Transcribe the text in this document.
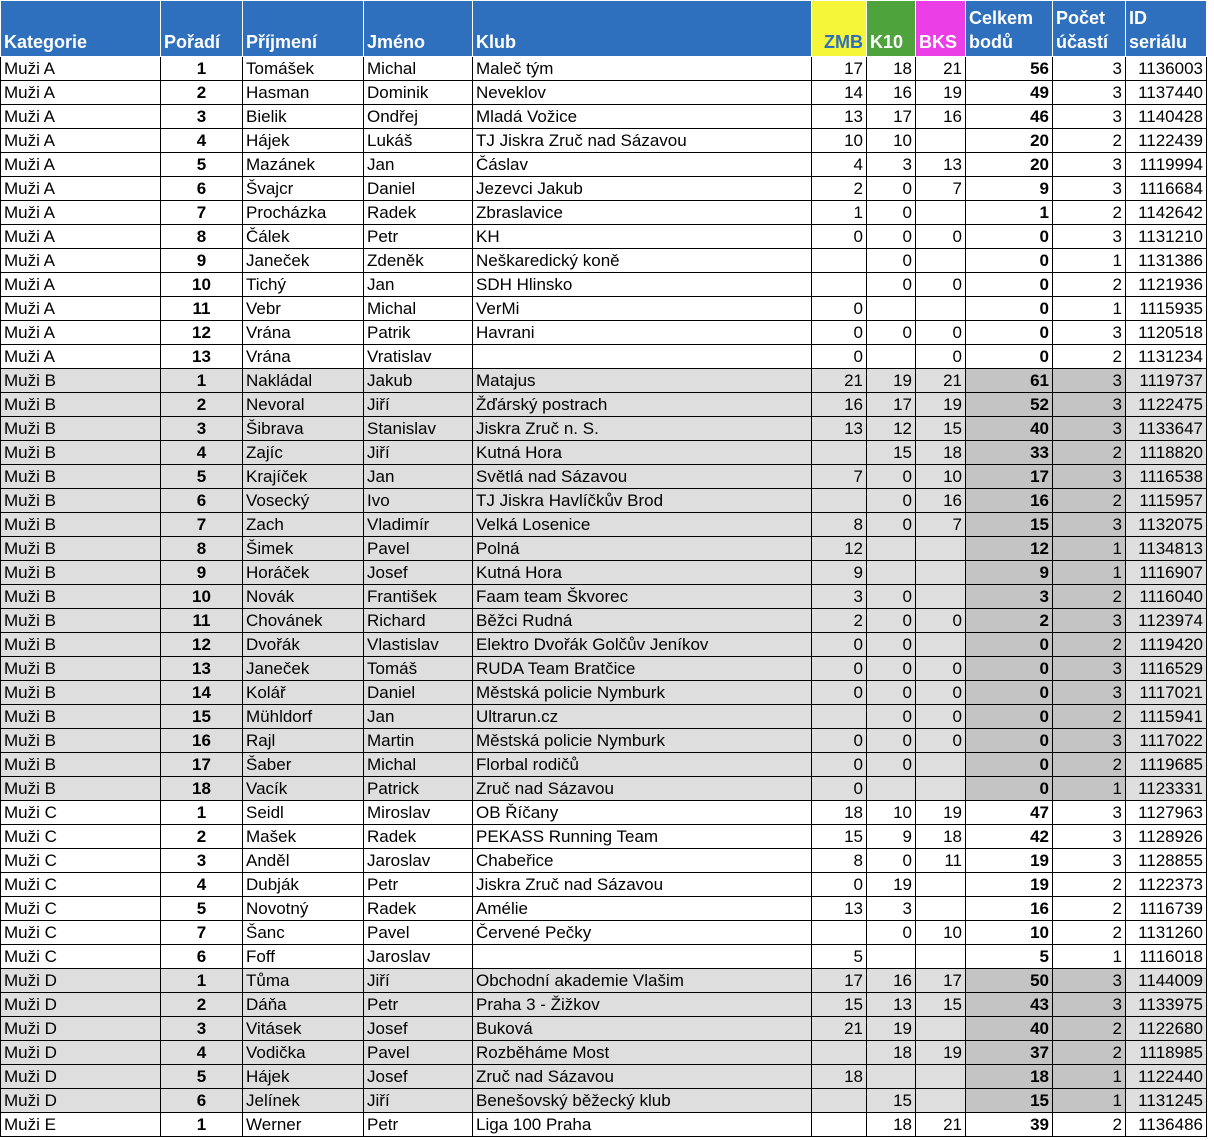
Kategorie	Pořadí	Příjmení	Jméno	Klub	ZMB	K10	BKS	Celkem bodů	Počet účastí	ID seriálu
Muži A	1	Tomášek	Michal	Maleč tým	17	18	21	56	3	1136003
Muži A	2	Hasman	Dominik	Neveklov	14	16	19	49	3	1137440
Muži A	3	Bielik	Ondřej	Mladá Vožice	13	17	16	46	3	1140428
Muži A	4	Hájek	Lukáš	TJ Jiskra Zruč nad Sázavou	10	10		20	2	1122439
Muži A	5	Mazánek	Jan	Čáslav	4	3	13	20	3	1119994
Muži A	6	Švajcr	Daniel	Jezevci Jakub	2	0	7	9	3	1116684
Muži A	7	Procházka	Radek	Zbraslavice	1	0		1	2	1142642
Muži A	8	Čálek	Petr	KH	0	0	0	0	3	1131210
Muži A	9	Janeček	Zdeněk	Neškaredický koně		0		0	1	1131386
Muži A	10	Tichý	Jan	SDH Hlinsko		0	0	0	2	1121936
Muži A	11	Vebr	Michal	VerMi	0			0	1	1115935
Muži A	12	Vrána	Patrik	Havrani	0	0	0	0	3	1120518
Muži A	13	Vrána	Vratislav		0		0	0	2	1131234
Muži B	1	Nakládal	Jakub	Matajus	21	19	21	61	3	1119737
Muži B	2	Nevoral	Jiří	Žďárský postrach	16	17	19	52	3	1122475
Muži B	3	Šibrava	Stanislav	Jiskra Zruč n. S.	13	12	15	40	3	1133647
Muži B	4	Zajíc	Jiří	Kutná Hora		15	18	33	2	1118820
Muži B	5	Krajíček	Jan	Světlá nad Sázavou	7	0	10	17	3	1116538
Muži B	6	Vosecký	Ivo	TJ Jiskra Havlíčkův Brod		0	16	16	2	1115957
Muži B	7	Zach	Vladimír	Velká Losenice	8	0	7	15	3	1132075
Muži B	8	Šimek	Pavel	Polná	12			12	1	1134813
Muži B	9	Horáček	Josef	Kutná Hora	9			9	1	1116907
Muži B	10	Novák	František	Faam team Škvorec	3	0		3	2	1116040
Muži B	11	Chovánek	Richard	Běžci Rudná	2	0	0	2	3	1123974
Muži B	12	Dvořák	Vlastislav	Elektro Dvořák Golčův Jeníkov	0	0		0	2	1119420
Muži B	13	Janeček	Tomáš	RUDA Team Bratčice	0	0	0	0	3	1116529
Muži B	14	Kolář	Daniel	Městská policie Nymburk	0	0	0	0	3	1117021
Muži B	15	Mühldorf	Jan	Ultrarun.cz		0	0	0	2	1115941
Muži B	16	Rajl	Martin	Městská policie Nymburk	0	0	0	0	3	1117022
Muži B	17	Šaber	Michal	Florbal rodičů	0	0		0	2	1119685
Muži B	18	Vacík	Patrick	Zruč nad Sázavou	0			0	1	1123331
Muži C	1	Seidl	Miroslav	OB Říčany	18	10	19	47	3	1127963
Muži C	2	Mašek	Radek	PEKASS Running Team	15	9	18	42	3	1128926
Muži C	3	Anděl	Jaroslav	Chabeřice	8	0	11	19	3	1128855
Muži C	4	Dubják	Petr	Jiskra Zruč nad Sázavou	0	19		19	2	1122373
Muži C	5	Novotný	Radek	Amélie	13	3		16	2	1116739
Muži C	7	Šanc	Pavel	Červené Pečky		0	10	10	2	1131260
Muži C	6	Foff	Jaroslav		5			5	1	1116018
Muži D	1	Tůma	Jiří	Obchodní akademie Vlašim	17	16	17	50	3	1144009
Muži D	2	Dáňa	Petr	Praha 3 - Žižkov	15	13	15	43	3	1133975
Muži D	3	Vitásek	Josef	Buková	21	19		40	2	1122680
Muži D	4	Vodička	Pavel	Rozběháme Most		18	19	37	2	1118985
Muži D	5	Hájek	Josef	Zruč nad Sázavou	18			18	1	1122440
Muži D	6	Jelínek	Jiří	Benešovský běžecký klub		15		15	1	1131245
Muži E	1	Werner	Petr	Liga 100 Praha		18	21	39	2	1136486
